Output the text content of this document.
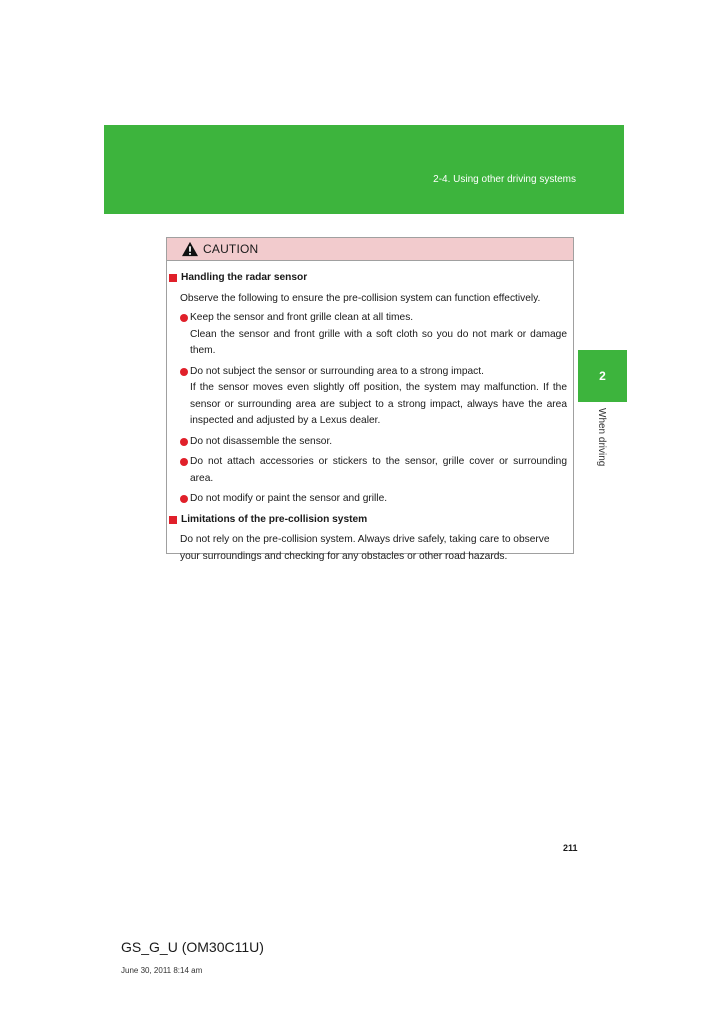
2-4. Using other driving systems
2
When driving
CAUTION
Handling the radar sensor
Observe the following to ensure the pre-collision system can function effectively.
Keep the sensor and front grille clean at all times.
Clean the sensor and front grille with a soft cloth so you do not mark or damage them.
Do not subject the sensor or surrounding area to a strong impact.
If the sensor moves even slightly off position, the system may malfunction. If the sensor or surrounding area are subject to a strong impact, always have the area inspected and adjusted by a Lexus dealer.
Do not disassemble the sensor.
Do not attach accessories or stickers to the sensor, grille cover or surrounding area.
Do not modify or paint the sensor and grille.
Limitations of the pre-collision system
Do not rely on the pre-collision system. Always drive safely, taking care to observe your surroundings and checking for any obstacles or other road hazards.
211
GS_G_U (OM30C11U)
June 30, 2011 8:14 am
